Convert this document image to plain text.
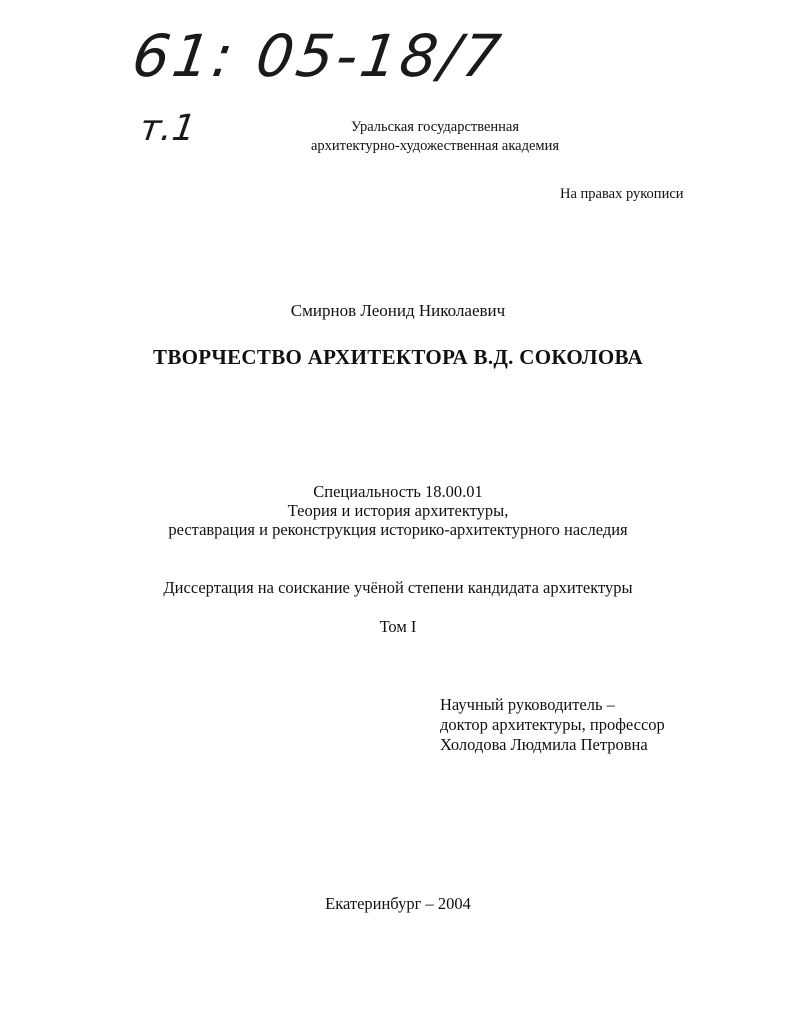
61: 05-18/7
т.1	Уральская государственная
архитектурно-художественная академия
На правах рукописи
Смирнов Леонид Николаевич
ТВОРЧЕСТВО АРХИТЕКТОРА В.Д. СОКОЛОВА
Специальность 18.00.01
Теория и история архитектуры,
реставрация и реконструкция историко-архитектурного наследия
Диссертация на соискание учёной степени кандидата архитектуры
Том I
Научный руководитель –
доктор архитектуры, профессор
Холодова Людмила Петровна
Екатеринбург – 2004
